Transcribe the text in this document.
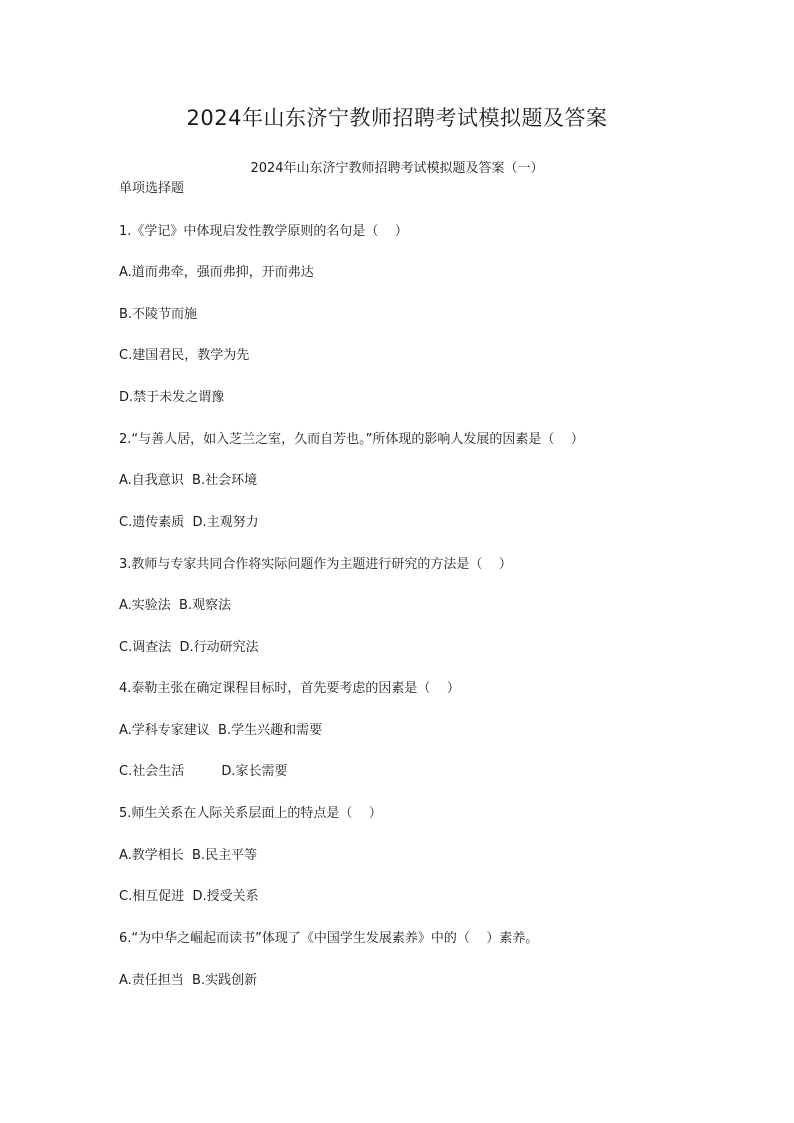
2024年山东济宁教师招聘考试模拟题及答案
2024年山东济宁教师招聘考试模拟题及答案（一）
单项选择题
1.《学记》中体现启发性教学原则的名句是（    ）
A.道而弗牵，强而弗抑，开而弗达
B.不陵节而施
C.建国君民，教学为先
D.禁于未发之谓豫
2.“与善人居，如入芝兰之室，久而自芳也。”所体现的影响人发展的因素是（    ）
A.自我意识  B.社会环境
C.遗传素质  D.主观努力
3.教师与专家共同合作将实际问题作为主题进行研究的方法是（    ）
A.实验法  B.观察法
C.调查法  D.行动研究法
4.泰勒主张在确定课程目标时，首先要考虑的因素是（    ）
A.学科专家建议  B.学生兴趣和需要
C.社会生活         D.家长需要
5.师生关系在人际关系层面上的特点是（    ）
A.教学相长  B.民主平等
C.相互促进  D.授受关系
6.“为中华之崛起而读书”体现了《中国学生发展素养》中的（    ）素养。
A.责任担当  B.实践创新
